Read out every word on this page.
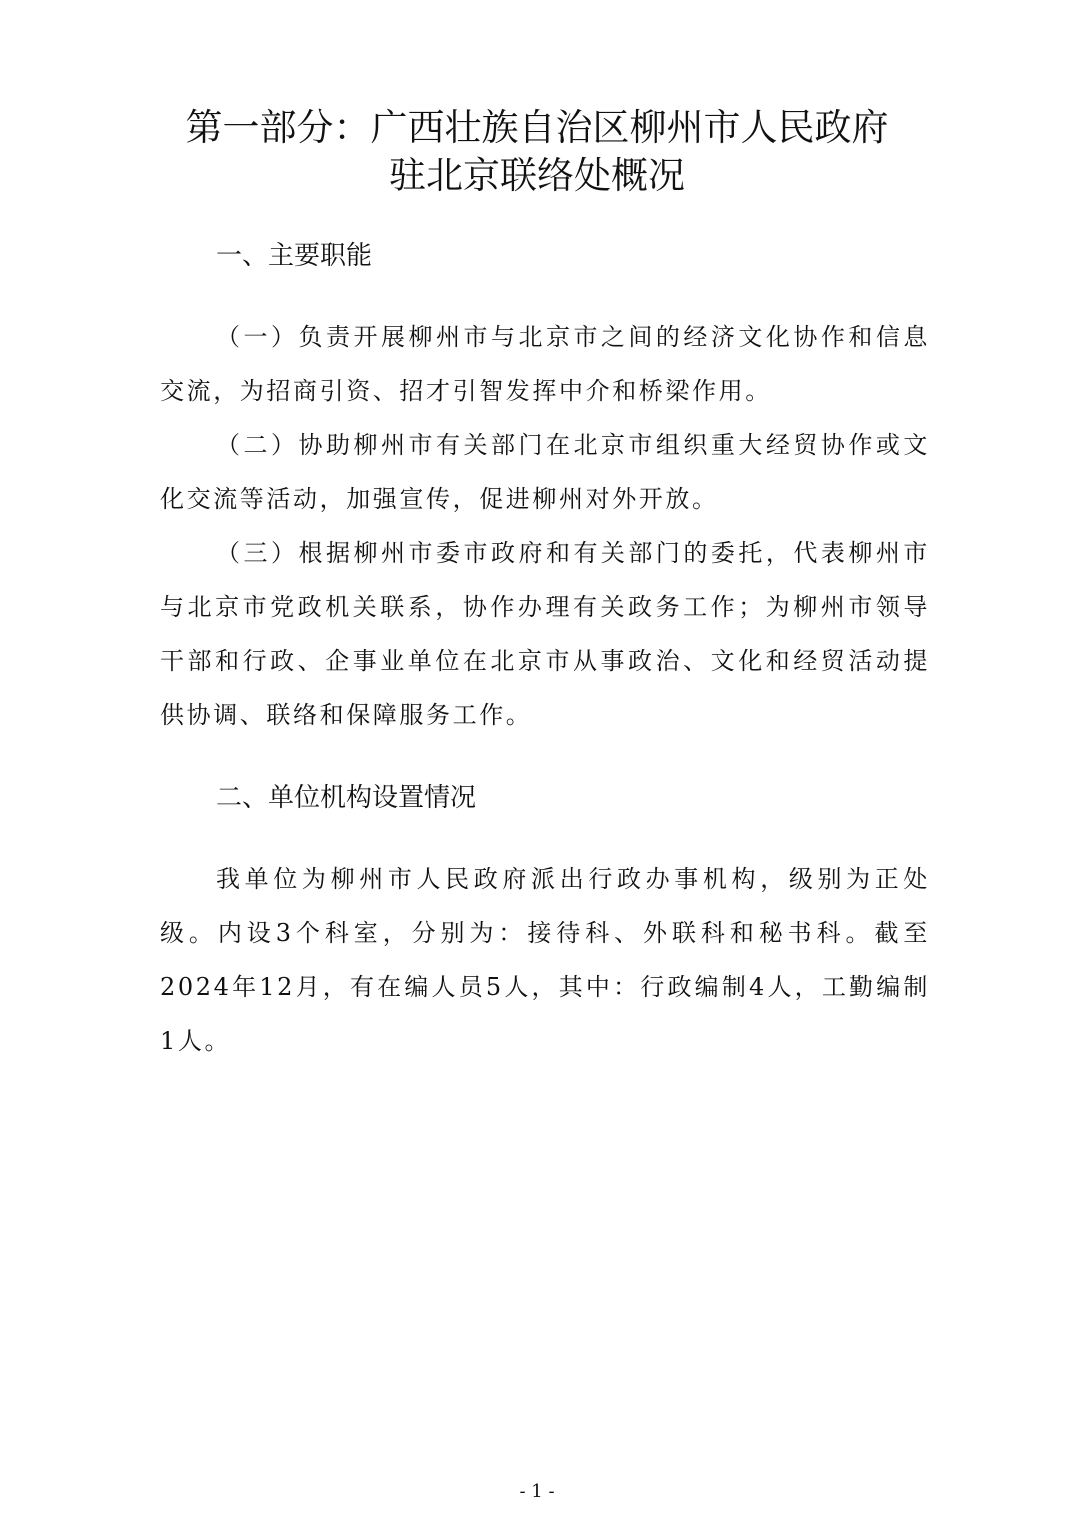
第一部分：广西壮族自治区柳州市人民政府
驻北京联络处概况
一、主要职能

（一）负责开展柳州市与北京市之间的经济文化协作和信息交流，为招商引资、招才引智发挥中介和桥梁作用。

（二）协助柳州市有关部门在北京市组织重大经贸协作或文化交流等活动，加强宣传，促进柳州对外开放。

（三）根据柳州市委市政府和有关部门的委托，代表柳州市与北京市党政机关联系，协作办理有关政务工作；为柳州市领导干部和行政、企事业单位在北京市从事政治、文化和经贸活动提供协调、联络和保障服务工作。

二、单位机构设置情况

我单位为柳州市人民政府派出行政办事机构，级别为正处级。内设3个科室，分别为：接待科、外联科和秘书科。截至2024年12月，有在编人员5人，其中：行政编制4人，工勤编制1人。

- 1 -
